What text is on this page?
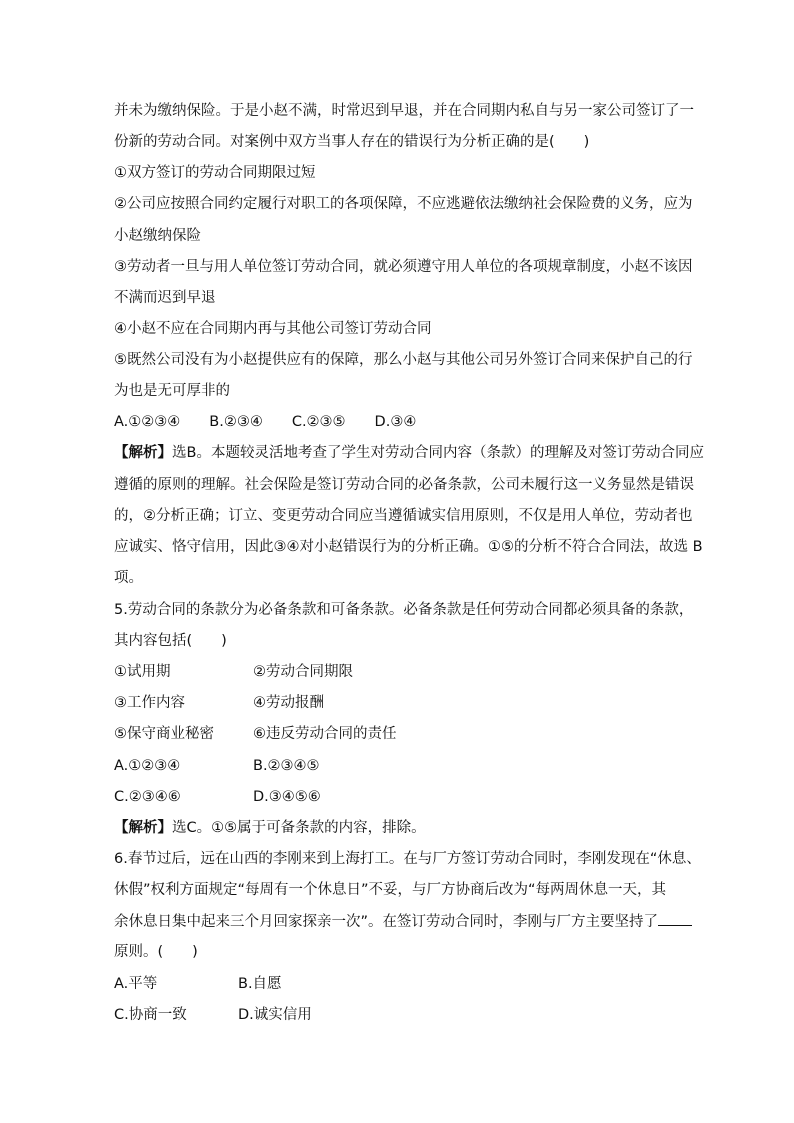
并未为缴纳保险。于是小赵不满，时常迟到早退，并在合同期内私自与另一家公司签订了一
份新的劳动合同。对案例中双方当事人存在的错误行为分析正确的是(　　)
①双方签订的劳动合同期限过短
②公司应按照合同约定履行对职工的各项保障，不应逃避依法缴纳社会保险费的义务，应为
小赵缴纳保险
③劳动者一旦与用人单位签订劳动合同，就必须遵守用人单位的各项规章制度，小赵不该因
不满而迟到早退
④小赵不应在合同期内再与其他公司签订劳动合同
⑤既然公司没有为小赵提供应有的保障，那么小赵与其他公司另外签订合同来保护自己的行
为也是无可厚非的
A.①②③④　　B.②③④　　C.②③⑤　　D.③④
【解析】选B。本题较灵活地考查了学生对劳动合同内容（条款）的理解及对签订劳动合同应
遵循的原则的理解。社会保险是签订劳动合同的必备条款，公司未履行这一义务显然是错误
的，②分析正确；订立、变更劳动合同应当遵循诚实信用原则，不仅是用人单位，劳动者也
应诚实、恪守信用，因此③④对小赵错误行为的分析正确。①⑤的分析不符合合同法，故选 B
项。
5.劳动合同的条款分为必备条款和可备条款。必备条款是任何劳动合同都必须具备的条款，
其内容包括(　　)
①试用期	②劳动合同期限
③工作内容	④劳动报酬
⑤保守商业秘密	⑥违反劳动合同的责任
A.①②③④	B.②③④⑤
C.②③④⑥	D.③④⑤⑥
【解析】选C。①⑤属于可备条款的内容，排除。
6.春节过后，远在山西的李刚来到上海打工。在与厂方签订劳动合同时，李刚发现在“休息、
休假”权利方面规定“每周有一个休息日”不妥，与厂方协商后改为“每两周休息一天，其
余休息日集中起来三个月回家探亲一次”。在签订劳动合同时，李刚与厂方主要坚持了
原则。(　　)
A.平等	B.自愿
C.协商一致	D.诚实信用
